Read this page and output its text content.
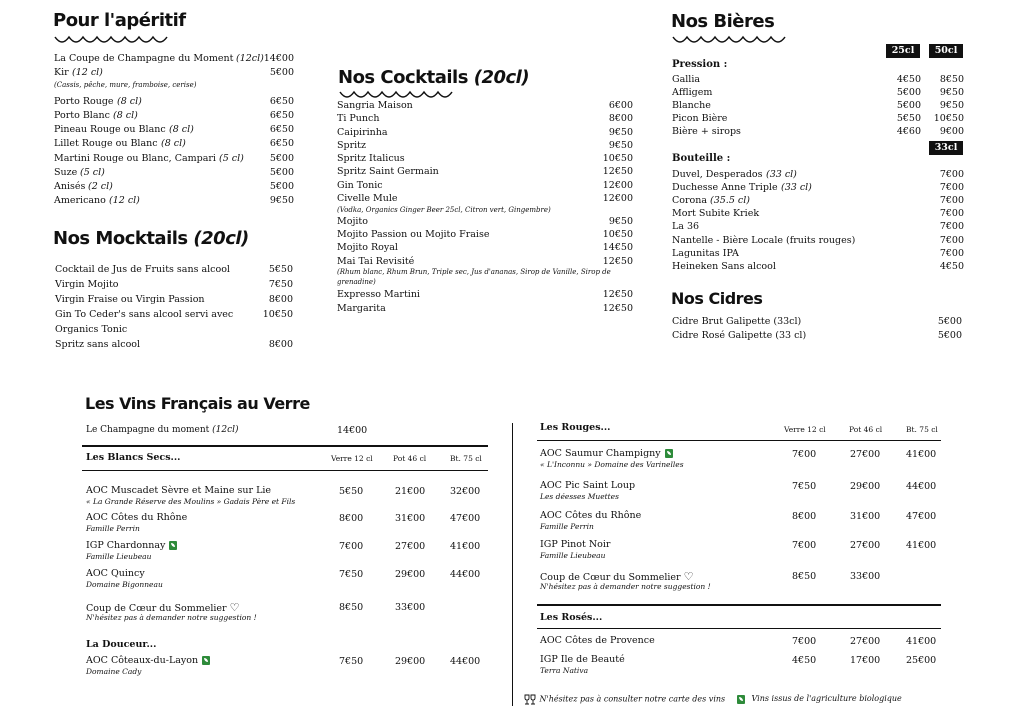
Pour l'apéritif
La Coupe de Champagne du Moment (12cl) 14€00
Kir (12 cl)	5€00
(Cassis, pêche, mure, framboise, cerise)
Porto Rouge (8 cl)	6€50
Porto Blanc (8 cl)	6€50
Pineau Rouge ou Blanc (8 cl)	6€50
Lillet Rouge ou Blanc (8 cl)	6€50
Martini Rouge ou Blanc, Campari (5 cl)	5€00
Suze (5 cl)	5€00
Anisés (2 cl)	5€00
Americano (12 cl)	9€50
Nos Mocktails (20cl)
Cocktail de Jus de Fruits sans alcool	5€50
Virgin Mojito	7€50
Virgin Fraise ou Virgin Passion	8€00
Gin To Ceder's sans alcool servi avec	10€50
Organics Tonic
Spritz sans alcool	8€00
Nos Cocktails (20cl)
Sangria Maison	6€00
Ti Punch	8€00
Caipirinha	9€50
Spritz	9€50
Spritz Italicus	10€50
Spritz Saint Germain	12€50
Gin Tonic	12€00
Civelle Mule	12€00
(Vodka, Organics Ginger Beer 25cl, Citron vert, Gingembre)
Mojito	9€50
Mojito Passion ou Mojito Fraise	10€50
Mojito Royal	14€50
Mai Tai Revisité	12€50
(Rhum blanc, Rhum Brun, Triple sec, Jus d'ananas, Sirop de Vanille, Sirop de
grenadine)
Expresso Martini	12€50
Margarita	12€50
Nos Bières
25cl	50cl
Pression :
Gallia	4€50 8€50
Affligem	5€00 9€50
Blanche	5€00 9€50
Picon Bière	5€50 10€50
Bière + sirops	4€60 9€00
33cl
Bouteille :
Duvel, Desperados (33 cl)	7€00
Duchesse Anne Triple (33 cl)	7€00
Corona (35.5 cl)	7€00
Mort Subite Kriek	7€00
La 36	7€00
Nantelle - Bière Locale (fruits rouges)	7€00
Lagunitas IPA	7€00
Heineken Sans alcool	4€50
Nos Cidres
Cidre Brut Galipette (33cl)	5€00
Cidre Rosé Galipette (33 cl)	5€00
Les Vins Français au Verre
Le Champagne du moment (12cl)	14€00
Les Blancs Secs...	Verre 12 cl	Pot 46 cl	Bt. 75 cl
AOC Muscadet Sèvre et Maine sur Lie
« La Grande Réserve des Moulins » Gadais Père et Fils
5€50	21€00	32€00
AOC Côtes du Rhône
Famille Perrin
8€00	31€00	47€00
IGP Chardonnay
Famille Lieubeau
7€00	27€00	41€00
AOC Quincy
Domaine Bigonneau
7€50	29€00	44€00
Coup de Cœur du Sommelier ♡
N'hésitez pas à demander notre suggestion !
8€50	33€00
La Douceur...
AOC Côteaux-du-Layon
Domaine Cady
7€50	29€00	44€00
Les Rouges...	Verre 12 cl	Pot 46 cl	Bt. 75 cl
AOC Saumur Champigny
« L'Inconnu » Domaine des Varinelles
7€00	27€00	41€00
AOC Pic Saint Loup
Les déesses Muettes
7€50	29€00	44€00
AOC Côtes du Rhône
Famille Perrin
8€00	31€00	47€00
IGP Pinot Noir
Famille Lieubeau
7€00	27€00	41€00
Coup de Cœur du Sommelier ♡
N'hésitez pas à demander notre suggestion !
8€50	33€00
Les Rosés...
AOC Côtes de Provence	7€00	27€00	41€00
IGP Ile de Beauté
Terra Nativa
4€50	17€00	25€00
N'hésitez pas à consulter notre carte des vins	Vins issus de l'agriculture biologique
